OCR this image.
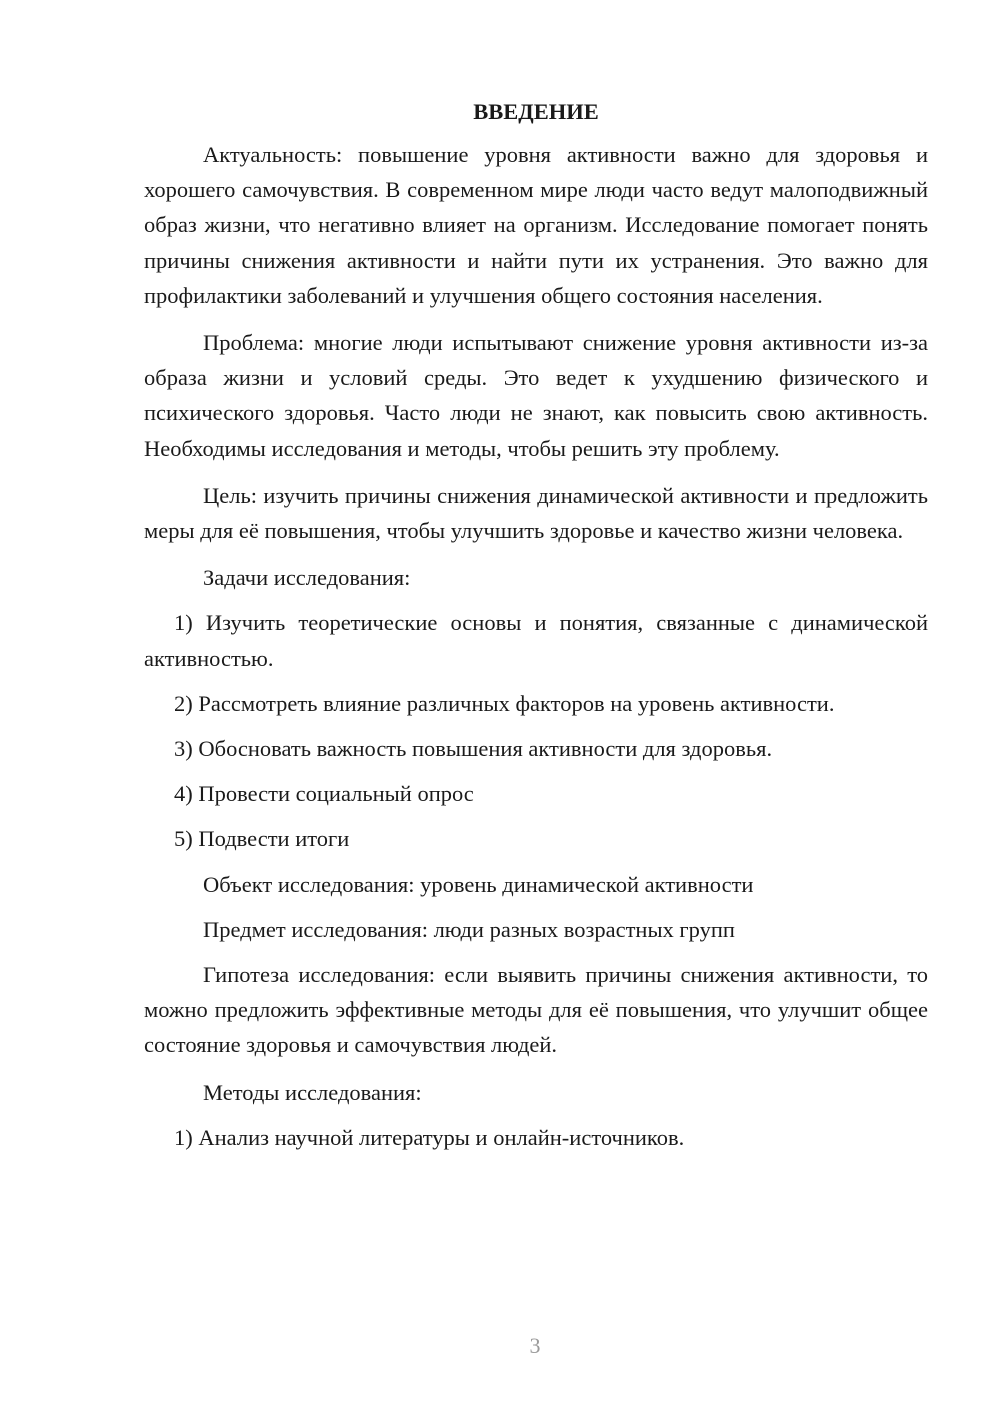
ВВЕДЕНИЕ

Актуальность: повышение уровня активности важно для здоровья и хорошего самочувствия. В современном мире люди часто ведут малоподвижный образ жизни, что негативно влияет на организм. Исследование помогает понять причины снижения активности и найти пути их устранения. Это важно для профилактики заболеваний и улучшения общего состояния населения.

Проблема: многие люди испытывают снижение уровня активности из-за образа жизни и условий среды. Это ведет к ухудшению физического и психического здоровья. Часто люди не знают, как повысить свою активность. Необходимы исследования и методы, чтобы решить эту проблему.

Цель: изучить причины снижения динамической активности и предложить меры для её повышения, чтобы улучшить здоровье и качество жизни человека.

Задачи исследования:

1) Изучить теоретические основы и понятия, связанные с динамической активностью.

2) Рассмотреть влияние различных факторов на уровень активности.

3) Обосновать важность повышения активности для здоровья.

4) Провести социальный опрос

5) Подвести итоги

Объект исследования: уровень динамической активности

Предмет исследования: люди разных возрастных групп

Гипотеза исследования: если выявить причины снижения активности, то можно предложить эффективные методы для её повышения, что улучшит общее состояние здоровья и самочувствия людей.

Методы исследования:

1) Анализ научной литературы и онлайн-источников.

3
